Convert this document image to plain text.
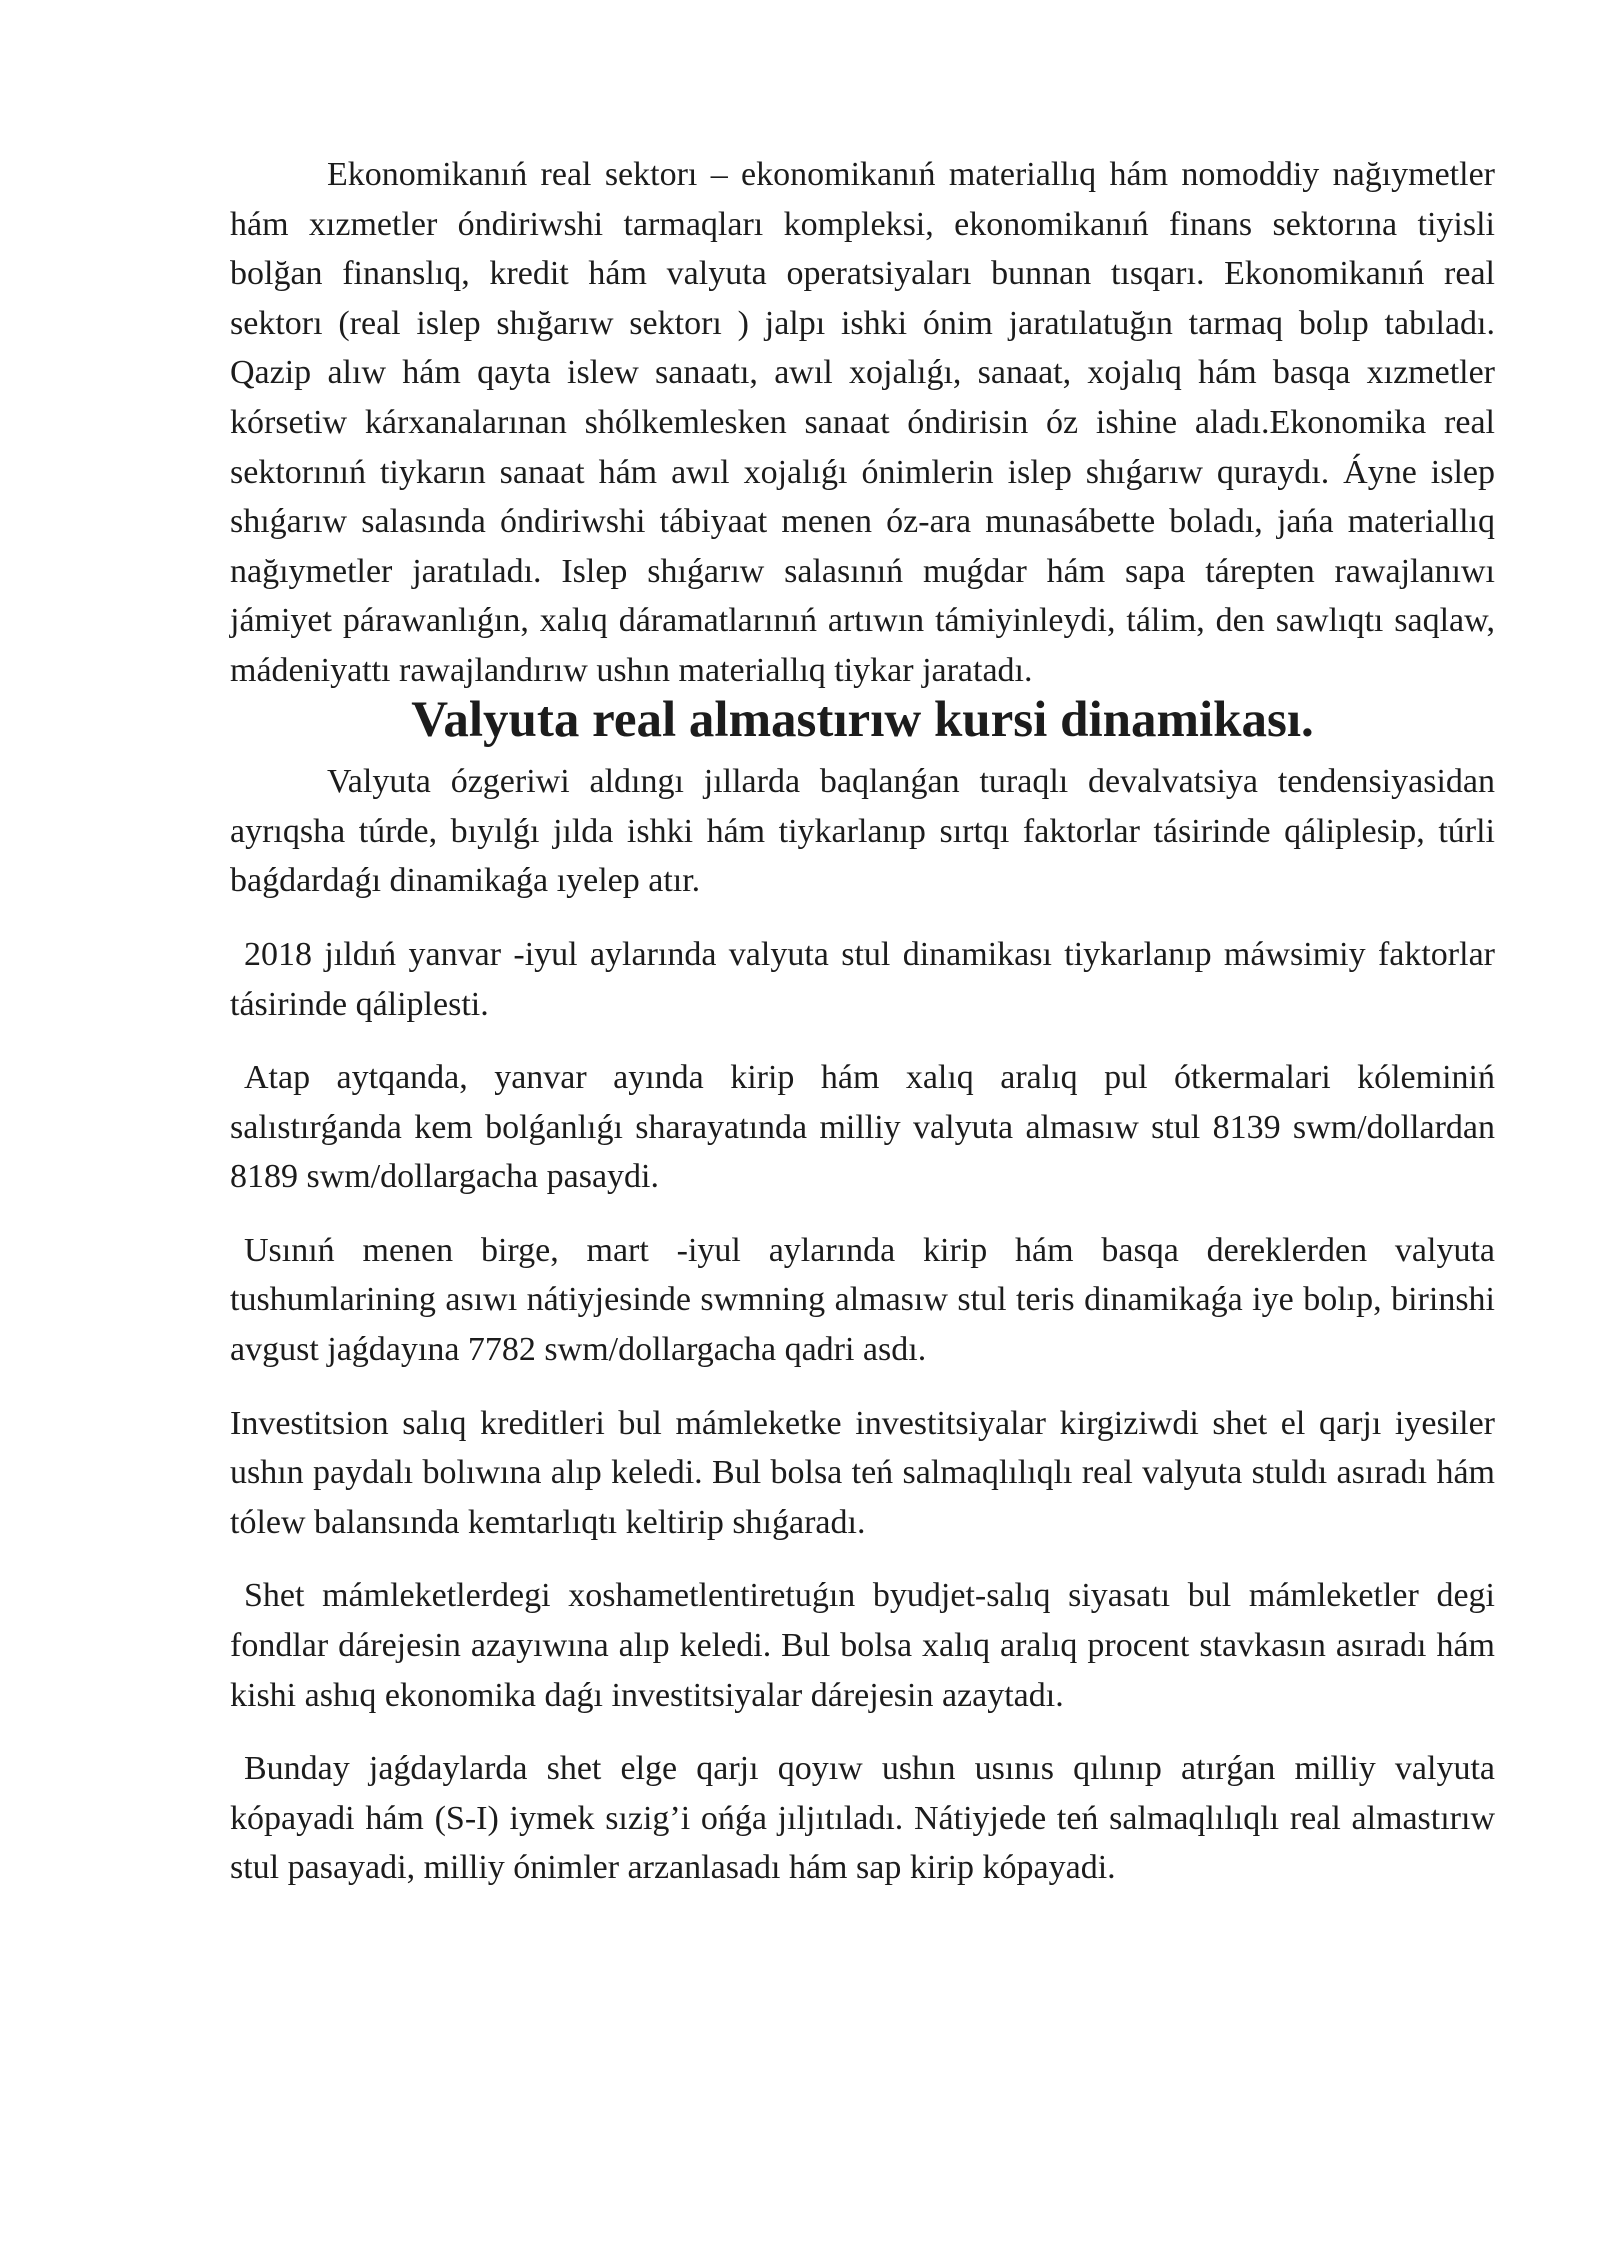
Ekonomikanıń real sektorı – ekonomikanıń materiallıq hám nomoddiy nağıymetler hám xızmetler óndiriwshi tarmaqları kompleksi, ekonomikanıń finans sektorına tiyisli bolğan finanslıq, kredit hám valyuta operatsiyaları bunnan tısqarı. Ekonomikanıń real sektorı (real islep shığarıw sektorı ) jalpı ishki ónim jaratılatuğın tarmaq bolıp tabıladı. Qazip alıw hám qayta islew sanaatı, awıl xojalıǵı, sanaat, xojalıq hám basqa xızmetler kórsetiw kárxanalarınan shólkemlesken sanaat óndirisin óz ishine aladı.Ekonomika real sektorınıń tiykarın sanaat hám awıl xojalıǵı ónimlerin islep shıǵarıw quraydı. Áyne islep shıǵarıw salasında óndiriwshi tábiyaat menen óz-ara munasábette boladı, jańa materiallıq nağıymetler jaratıladı. Islep shıǵarıw salasınıń muǵdar hám sapa tárepten rawajlanıwı jámiyet párawanlıǵın, xalıq dáramatlarınıń artıwın támiyinleydi, tálim, den sawlıqtı saqlaw, mádeniyattı rawajlandırıw ushın materiallıq tiykar jaratadı.

Valyuta real almastırıw kursi dinamikası.

Valyuta ózgeriwi aldıngı jıllarda baqlanǵan turaqlı devalvatsiya tendensiyasidan ayrıqsha túrde, bıyılǵı jılda ishki hám tiykarlanıp sırtqı faktorlar tásirinde qáliplesip, túrli baǵdardaǵı dinamikaǵa ıyelep atır.

2018 jıldıń yanvar -iyul aylarında valyuta stul dinamikası tiykarlanıp máwsimiy faktorlar tásirinde qáliplesti.

Atap aytqanda, yanvar ayında kirip hám xalıq aralıq pul ótkermalari kóleminiń salıstırǵanda kem bolǵanlıǵı sharayatında milliy valyuta almasıw stul 8139 swm/dollardan 8189 swm/dollargacha pasaydi.

Usınıń menen birge, mart -iyul aylarında kirip hám basqa dereklerden valyuta tushumlarining asıwı nátiyjesinde swmning almasıw stul teris dinamikaǵa iye bolıp, birinshi avgust jaǵdayına 7782 swm/dollargacha qadri asdı.

Investitsion salıq kreditleri bul mámleketke investitsiyalar kirgiziwdi shet el qarjı iyesiler ushın paydalı bolıwına alıp keledi. Bul bolsa teń salmaqlılıqlı real valyuta stuldı asıradı hám tólew balansında kemtarlıqtı keltirip shıǵaradı.

Shet mámleketlerdegi xoshametlentiretuǵın byudjet-salıq siyasatı bul mámleketler degi fondlar dárejesin azayıwına alıp keledi. Bul bolsa xalıq aralıq procent stavkasın asıradı hám kishi ashıq ekonomika daǵı investitsiyalar dárejesin azaytadı.

Bunday jaǵdaylarda shet elge qarjı qoyıw ushın usınıs qılınıp atırǵan milliy valyuta kópayadi hám (S-I) iymek sızig’i ońǵa jıljıtıladı. Nátiyjede teń salmaqlılıqlı real almastırıw stul pasayadi, milliy ónimler arzanlasadı hám sap kirip kópayadi.
